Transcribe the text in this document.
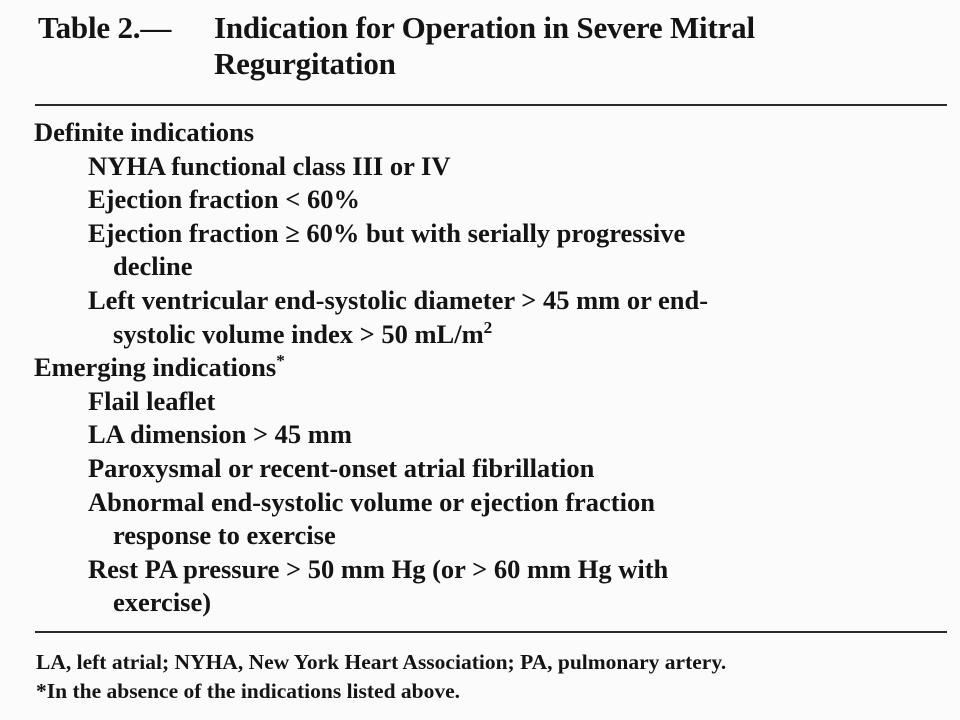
Table 2.— Indication for Operation in Severe Mitral Regurgitation
Definite indications
NYHA functional class III or IV
Ejection fraction < 60%
Ejection fraction ≥ 60% but with serially progressive
decline
Left ventricular end-systolic diameter > 45 mm or end-
systolic volume index > 50 $mL/m^2$
Emerging indications*
Flail leaflet
LA dimension > 45 mm
Paroxysmal or recent-onset atrial fibrillation
Abnormal end-systolic volume or ejection fraction
response to exercise
Rest PA pressure > 50 mm Hg (or > 60 mm Hg with
exercise)
LA, left atrial; NYHA, New York Heart Association; PA, pulmonary artery.
*In the absence of the indications listed above.
